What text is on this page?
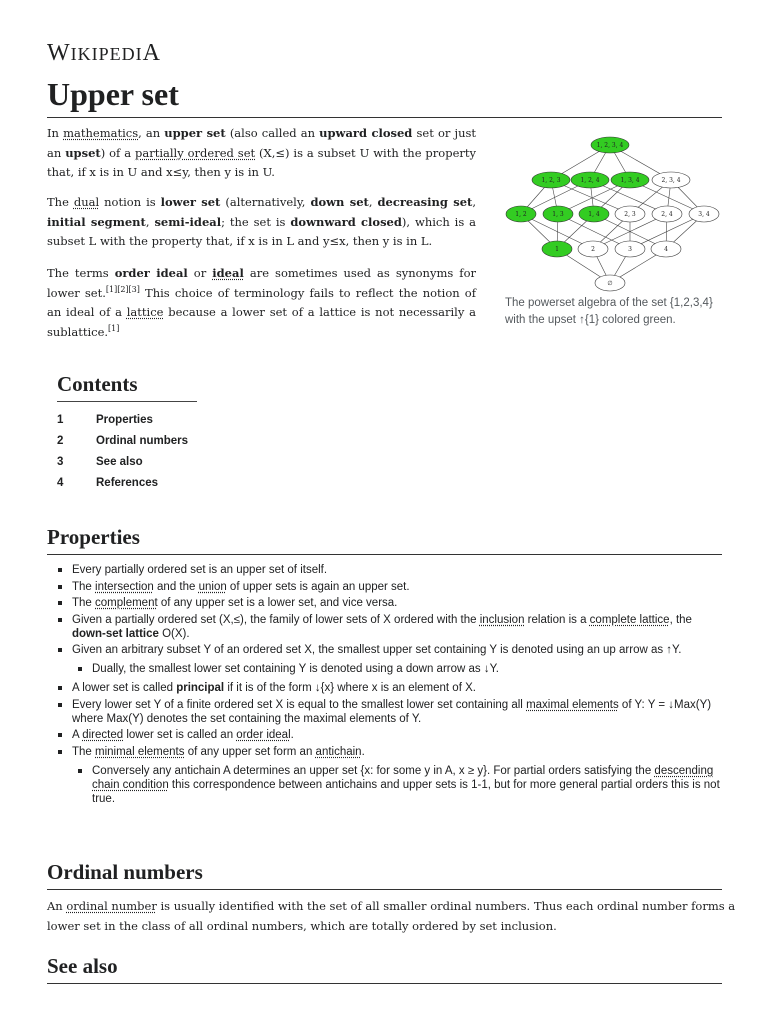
WIKIPEDIA
Upper set
In mathematics, an upper set (also called an upward closed set or just an upset) of a partially ordered set (X,≤) is a subset U with the property that, if x is in U and x≤y, then y is in U.
The dual notion is lower set (alternatively, down set, decreasing set, initial segment, semi-ideal; the set is downward closed), which is a subset L with the property that, if x is in L and y≤x, then y is in L.
The terms order ideal or ideal are sometimes used as synonyms for lower set.[1][2][3] This choice of terminology fails to reflect the notion of an ideal of a lattice because a lower set of a lattice is not necessarily a sublattice.[1]
1	2	3	4
1, 2, 3, 4
1, 2, 3	1, 2, 4	1, 3, 4	2, 3, 4
1, 2	1, 3	1, 4	2, 3	2, 4	3, 4
∅
The powerset algebra of the set {1,2,3,4} with the upset ↑{1} colored green.
Contents
1	Properties
2	Ordinal numbers
3	See also
4	References
Properties
Every partially ordered set is an upper set of itself.
The intersection and the union of upper sets is again an upper set.
The complement of any upper set is a lower set, and vice versa.
Given a partially ordered set (X,≤), the family of lower sets of X ordered with the inclusion relation is a complete lattice, the down-set lattice O(X).
Given an arbitrary subset Y of an ordered set X, the smallest upper set containing Y is denoted using an up arrow as ↑Y.
Dually, the smallest lower set containing Y is denoted using a down arrow as ↓Y.
A lower set is called principal if it is of the form ↓{x} where x is an element of X.
Every lower set Y of a finite ordered set X is equal to the smallest lower set containing all maximal elements of Y: Y = ↓Max(Y) where Max(Y) denotes the set containing the maximal elements of Y.
A directed lower set is called an order ideal.
The minimal elements of any upper set form an antichain.
Conversely any antichain A determines an upper set {x: for some y in A, x ≥ y}. For partial orders satisfying the descending chain condition this correspondence between antichains and upper sets is 1-1, but for more general partial orders this is not true.
Ordinal numbers
An ordinal number is usually identified with the set of all smaller ordinal numbers. Thus each ordinal number forms a lower set in the class of all ordinal numbers, which are totally ordered by set inclusion.
See also
